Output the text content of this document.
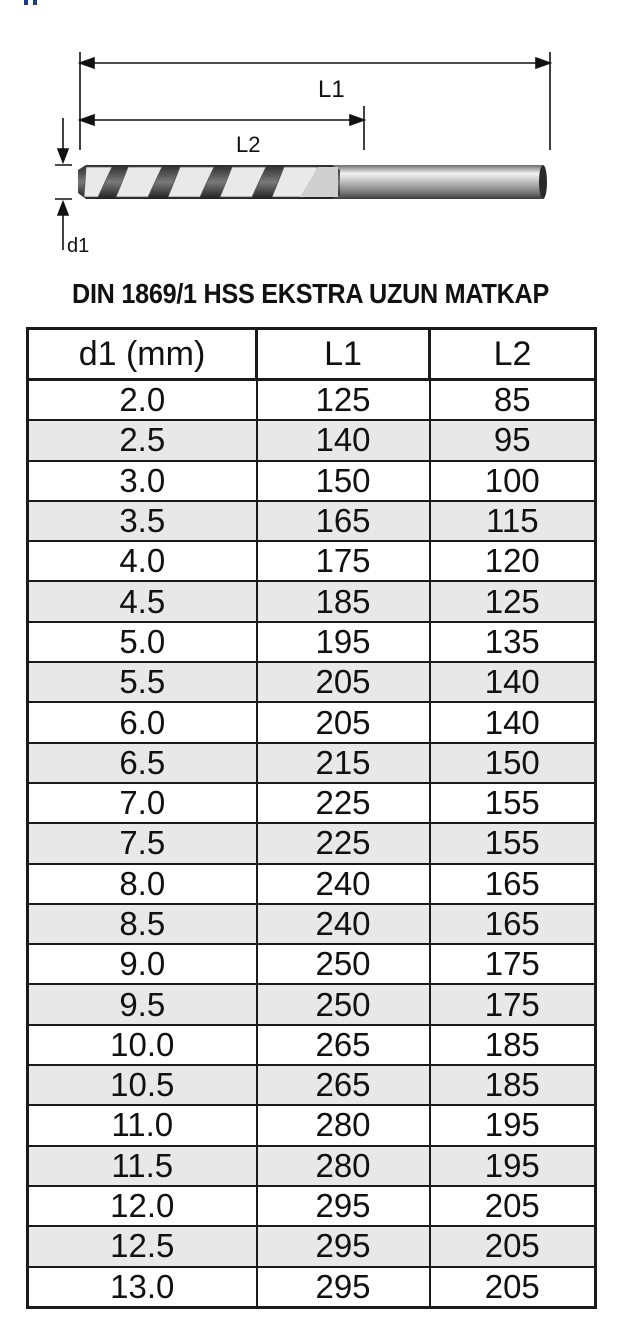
L1
L2
d1
DIN 1869/1 HSS EKSTRA UZUN MATKAP
d1 (mm)	L1	L2
2.0	125	85
2.5	140	95
3.0	150	100
3.5	165	115
4.0	175	120
4.5	185	125
5.0	195	135
5.5	205	140
6.0	205	140
6.5	215	150
7.0	225	155
7.5	225	155
8.0	240	165
8.5	240	165
9.0	250	175
9.5	250	175
10.0	265	185
10.5	265	185
11.0	280	195
11.5	280	195
12.0	295	205
12.5	295	205
13.0	295	205
